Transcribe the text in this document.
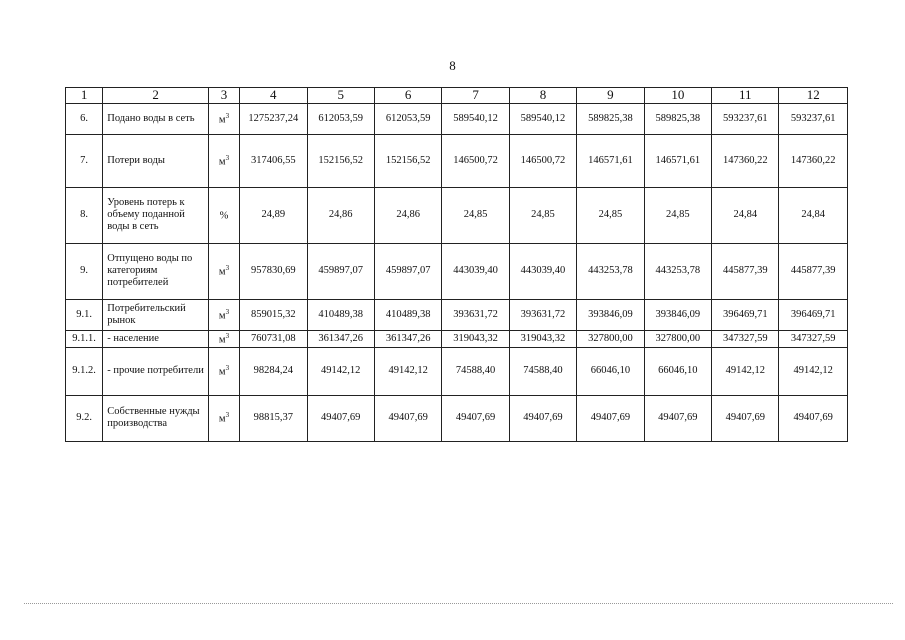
8
1	2	3	4	5	6	7	8	9	10	11	12
6.	Подано воды в сеть	$м^3$	1275237,24	612053,59	612053,59	589540,12	589540,12	589825,38	589825,38	593237,61	593237,61
7.	Потери воды	$м^3$	317406,55	152156,52	152156,52	146500,72	146500,72	146571,61	146571,61	147360,22	147360,22
8.	Уровень потерь к объему поданной воды в сеть	%	24,89	24,86	24,86	24,85	24,85	24,85	24,85	24,84	24,84
9.	Отпущено воды по категориям потребителей	$м^3$	957830,69	459897,07	459897,07	443039,40	443039,40	443253,78	443253,78	445877,39	445877,39
9.1.	Потребительский рынок	$м^3$	859015,32	410489,38	410489,38	393631,72	393631,72	393846,09	393846,09	396469,71	396469,71
9.1.1.	- население	$м^3$	760731,08	361347,26	361347,26	319043,32	319043,32	327800,00	327800,00	347327,59	347327,59
9.1.2.	- прочие потребители	$м^3$	98284,24	49142,12	49142,12	74588,40	74588,40	66046,10	66046,10	49142,12	49142,12
9.2.	Собственные нужды производства	$м^3$	98815,37	49407,69	49407,69	49407,69	49407,69	49407,69	49407,69	49407,69	49407,69
